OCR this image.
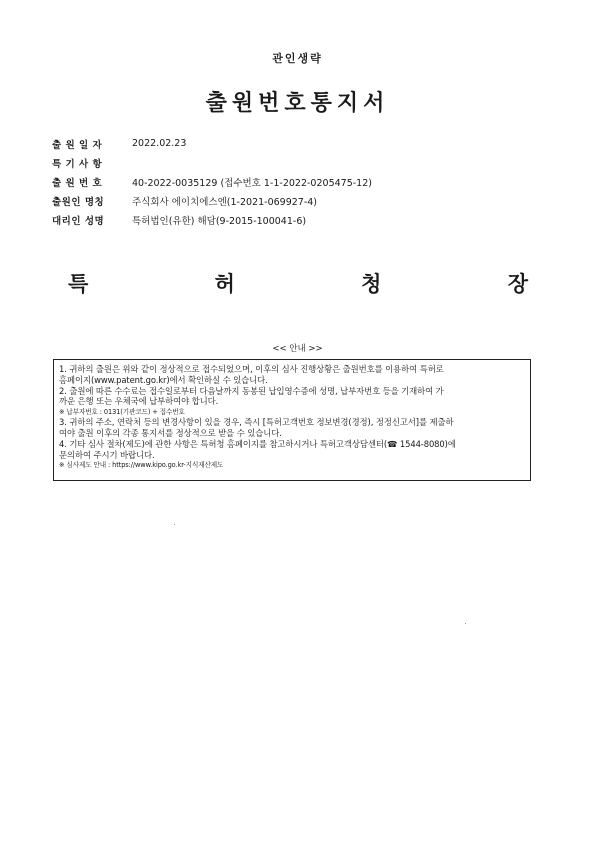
관인생략
출원번호통지서
출 원 일 자	2022.02.23
특 기 사 항
출 원 번 호	40-2022-0035129 (접수번호 1-1-2022-0205475-12)
출원인 명칭	주식회사 에이치에스엔(1-2021-069927-4)
대리인 성명	특허법인(유한) 해담(9-2015-100041-6)
특	허	청	장
<< 안내 >>
1. 귀하의 출원은 위와 같이 정상적으로 접수되었으며, 이후의 심사 진행상황은 출원번호를 이용하여 특허로
홈페이지(www.patent.go.kr)에서 확인하실 수 있습니다.
2. 출원에 따른 수수료는 접수일로부터 다음날까지 동봉된 납입영수증에 성명, 납부자번호 등을 기재하여 가
까운 은행 또는 우체국에 납부하여야 합니다.
※ 납부자번호 : 0131(기관코드) + 접수번호
3. 귀하의 주소, 연락처 등의 변경사항이 있을 경우, 즉시 [특허고객번호 정보변경(경정), 정정신고서]를 제출하
여야 출원 이후의 각종 통지서를 정상적으로 받을 수 있습니다.
4. 기타 심사 절차(제도)에 관한 사항은 특허청 홈페이지를 참고하시거나 특허고객상담센터(☎ 1544-8080)에
문의하여 주시기 바랍니다.
※ 심사제도 안내 : https://www.kipo.go.kr-지식재산제도
